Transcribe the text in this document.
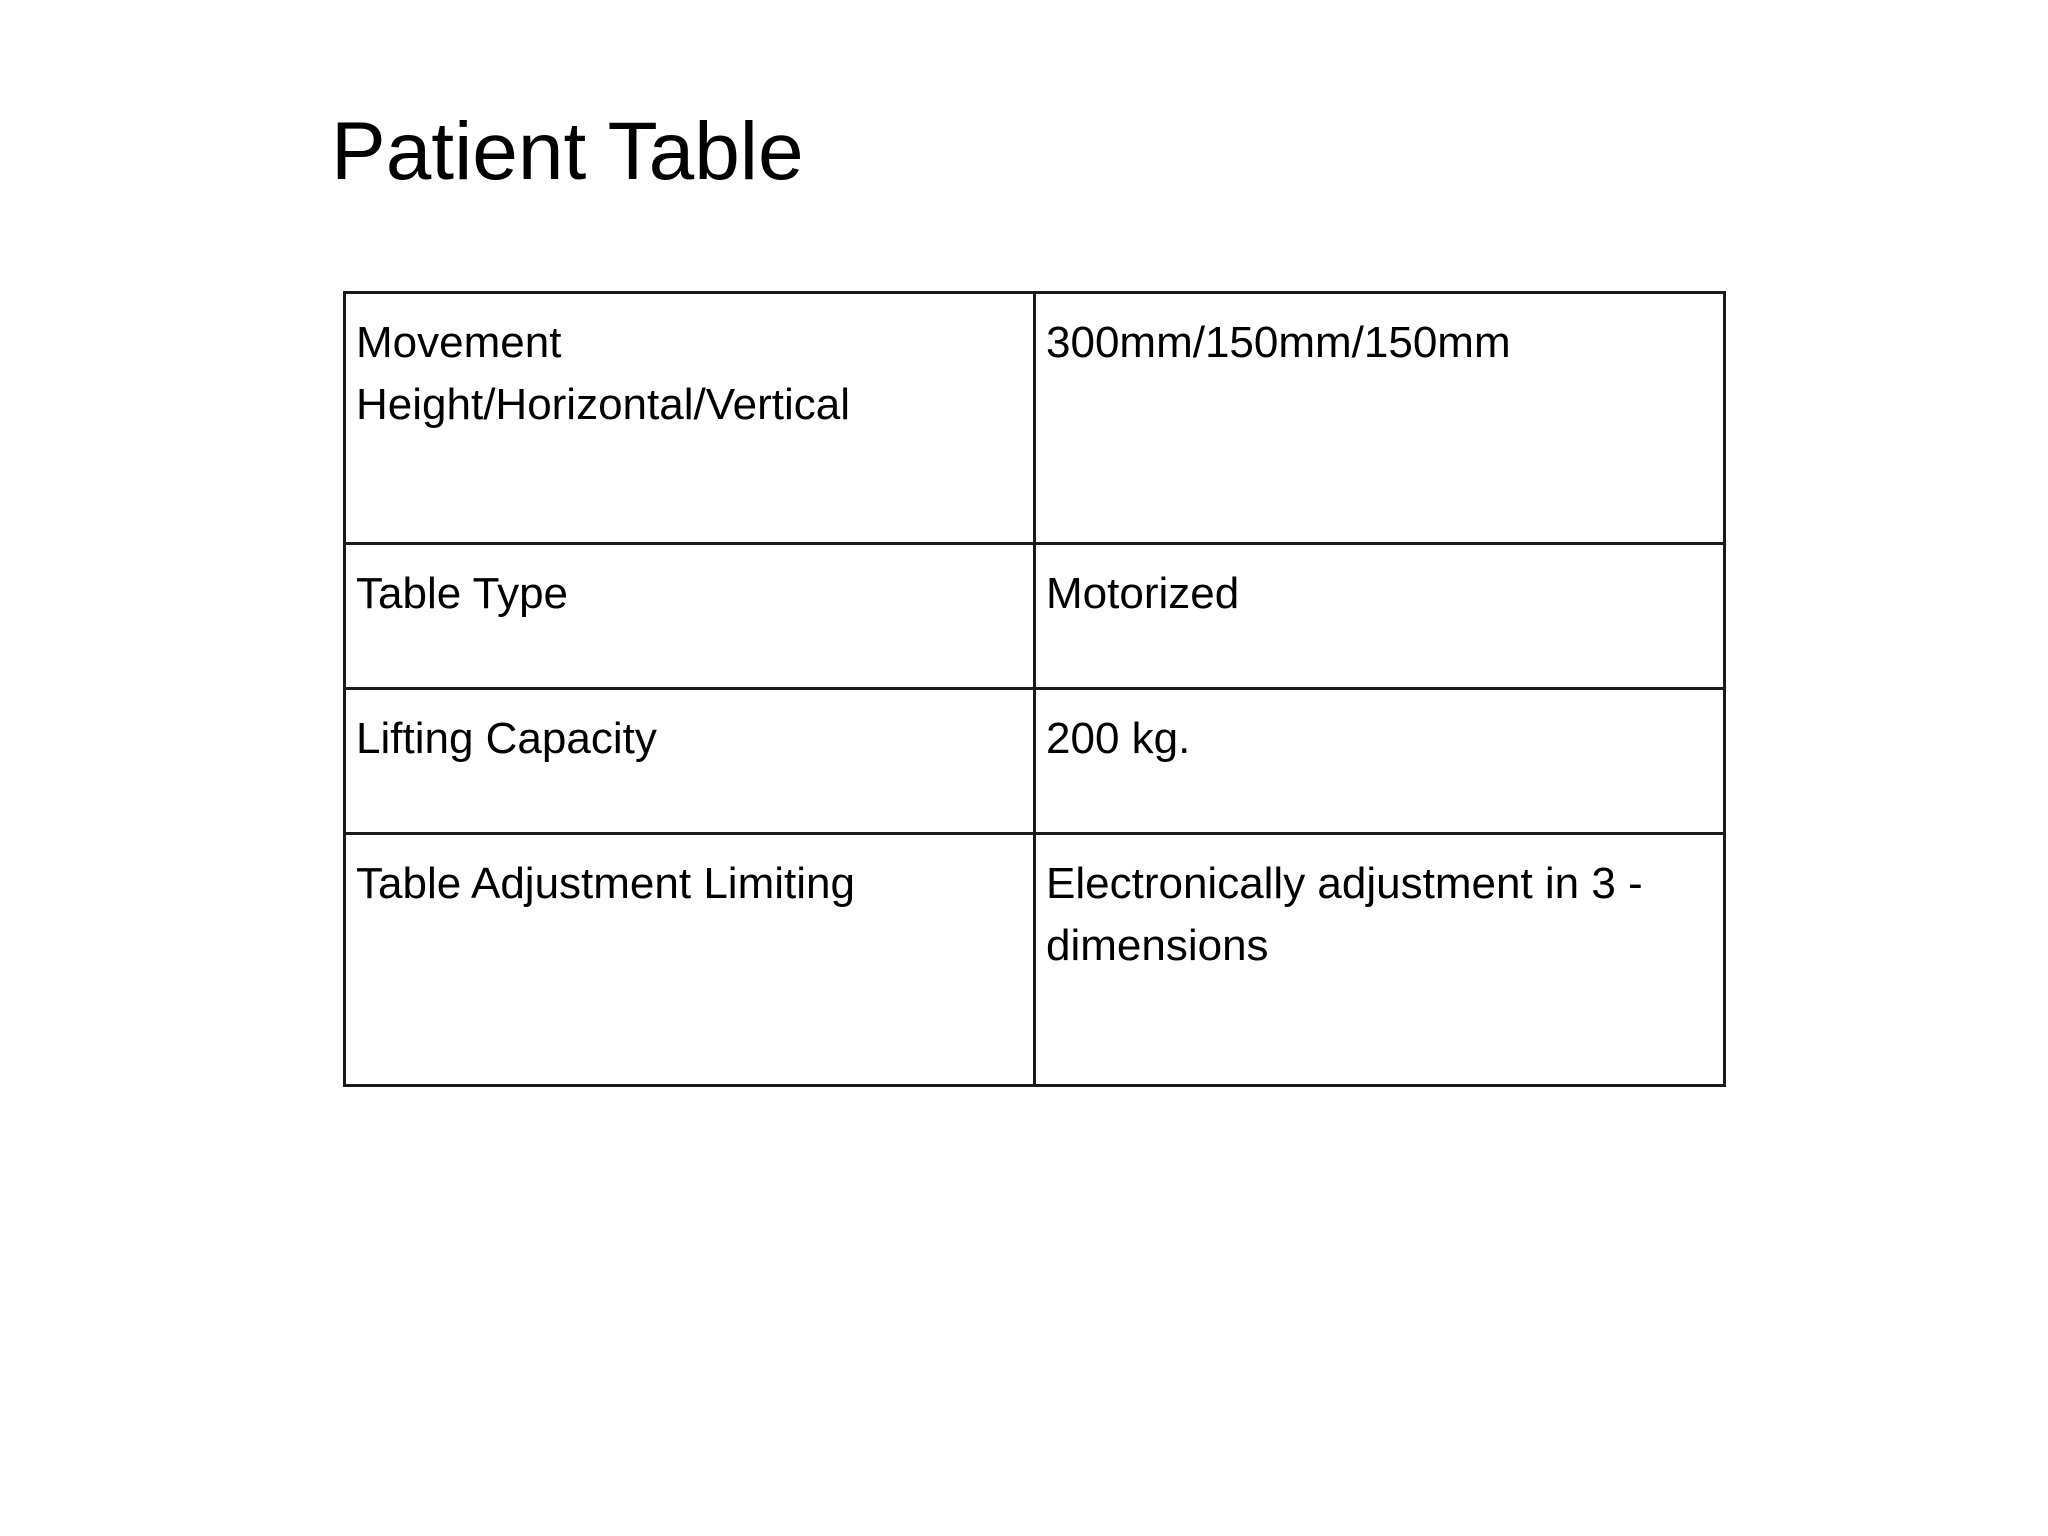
Patient Table
Movement Height/Horizontal/Vertical	300mm/150mm/150mm
Table Type	Motorized
Lifting Capacity	200 kg.
Table Adjustment Limiting	Electronically adjustment in 3 -dimensions
